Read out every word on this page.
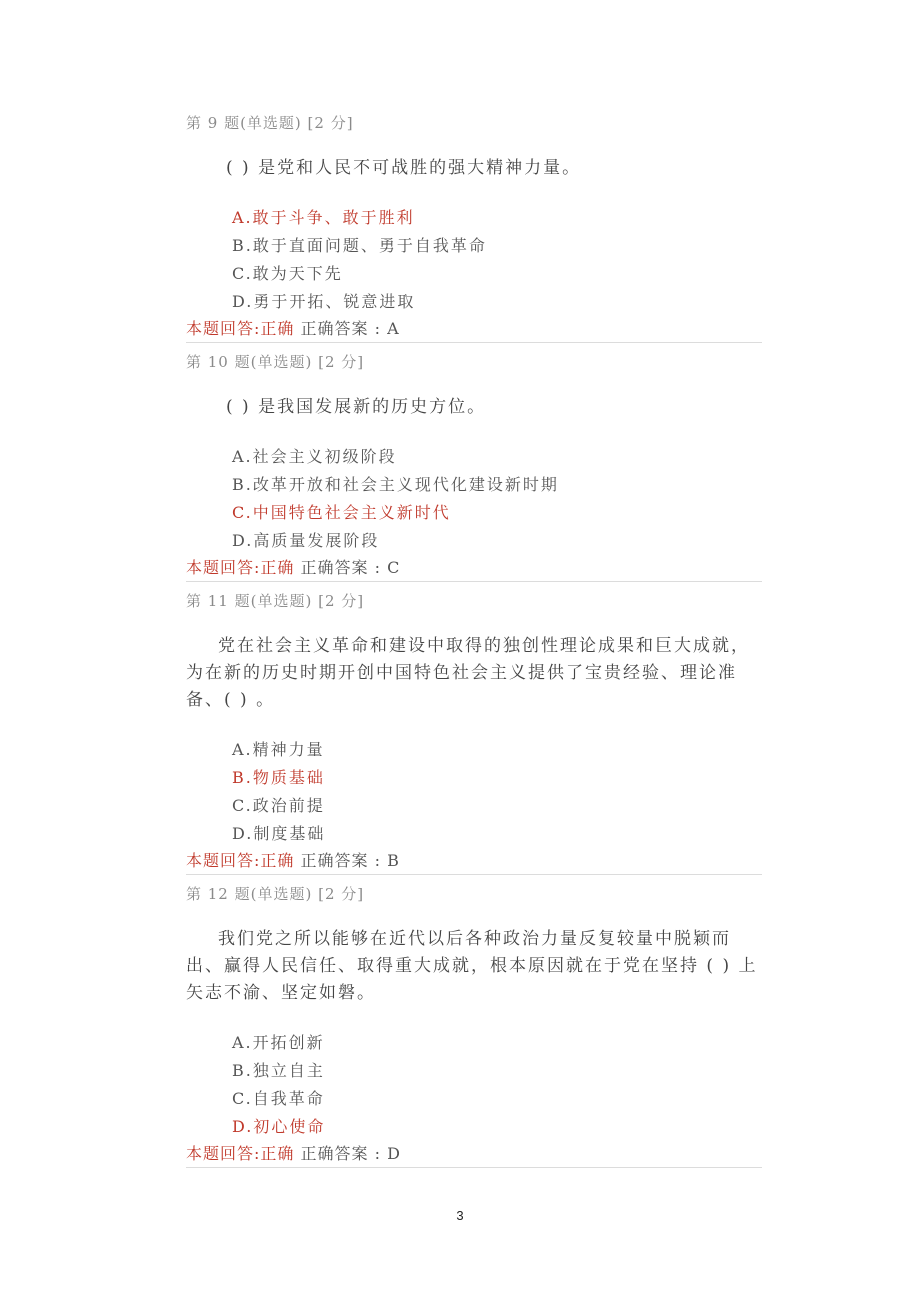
第 9 题(单选题) [2 分]
( ) 是党和人民不可战胜的强大精神力量。
A.敢于斗争、敢于胜利
B.敢于直面问题、勇于自我革命
C.敢为天下先
D.勇于开拓、锐意进取
本题回答:正确 正确答案 : A
第 10 题(单选题) [2 分]
( ) 是我国发展新的历史方位。
A.社会主义初级阶段
B.改革开放和社会主义现代化建设新时期
C.中国特色社会主义新时代
D.高质量发展阶段
本题回答:正确 正确答案 : C
第 11 题(单选题) [2 分]
党在社会主义革命和建设中取得的独创性理论成果和巨大成就，为在新的历史时期开创中国特色社会主义提供了宝贵经验、理论准备、( ) 。
A.精神力量
B.物质基础
C.政治前提
D.制度基础
本题回答:正确 正确答案 : B
第 12 题(单选题) [2 分]
我们党之所以能够在近代以后各种政治力量反复较量中脱颖而出、赢得人民信任、取得重大成就，根本原因就在于党在坚持 ( ) 上矢志不渝、坚定如磐。
A.开拓创新
B.独立自主
C.自我革命
D.初心使命
本题回答:正确 正确答案 : D
3
